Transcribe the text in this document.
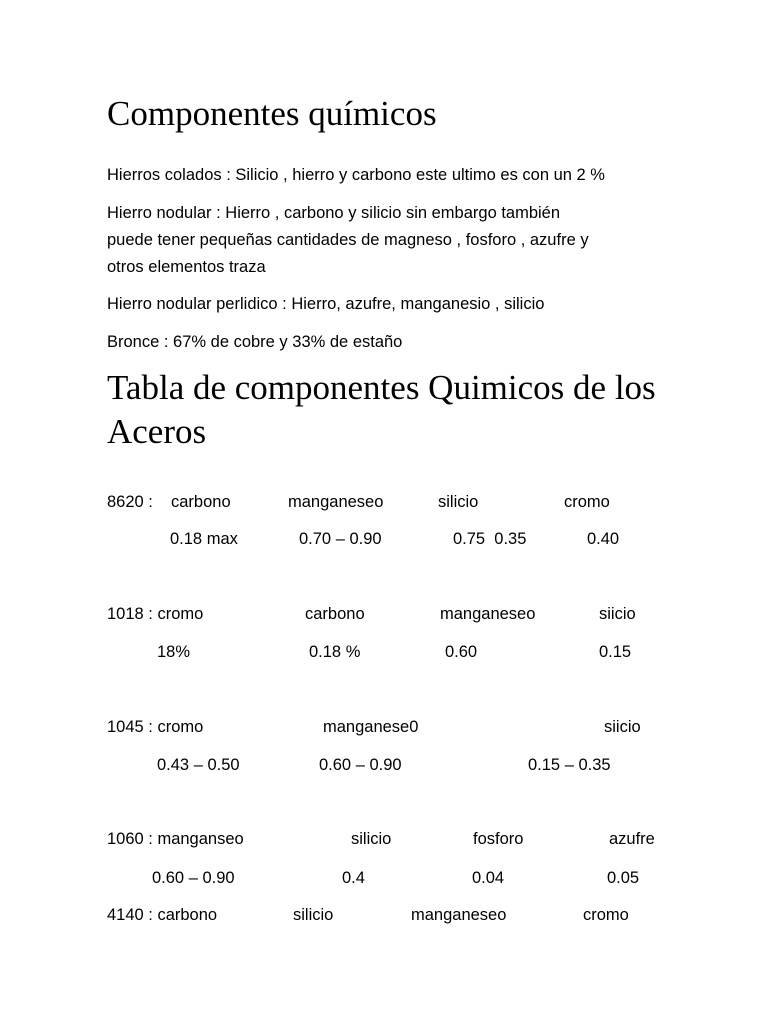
Componentes químicos
Hierros colados : Silicio , hierro y carbono este ultimo es con un 2 %
Hierro nodular : Hierro , carbono y silicio sin embargo también
puede tener pequeñas cantidades de magneso , fosforo , azufre y
otros elementos traza
Hierro nodular perlidico : Hierro, azufre, manganesio , silicio
Bronce : 67% de cobre y 33% de estaño
Tabla de componentes Quimicos de los
Aceros
8620 : carbono	manganeseo	silicio	cromo
0.18 max	0.70 – 0.90	0.75  0.35	0.40
1018 : cromo	carbono	manganeseo	siicio
18%	0.18 %	0.60	0.15
1045 : cromo	manganese0	siicio
0.43 – 0.50	0.60 – 0.90	0.15 – 0.35
1060 : manganseo	silicio	fosforo	azufre
0.60 – 0.90	0.4	0.04	0.05
4140 : carbono	silicio	manganeseo	cromo
